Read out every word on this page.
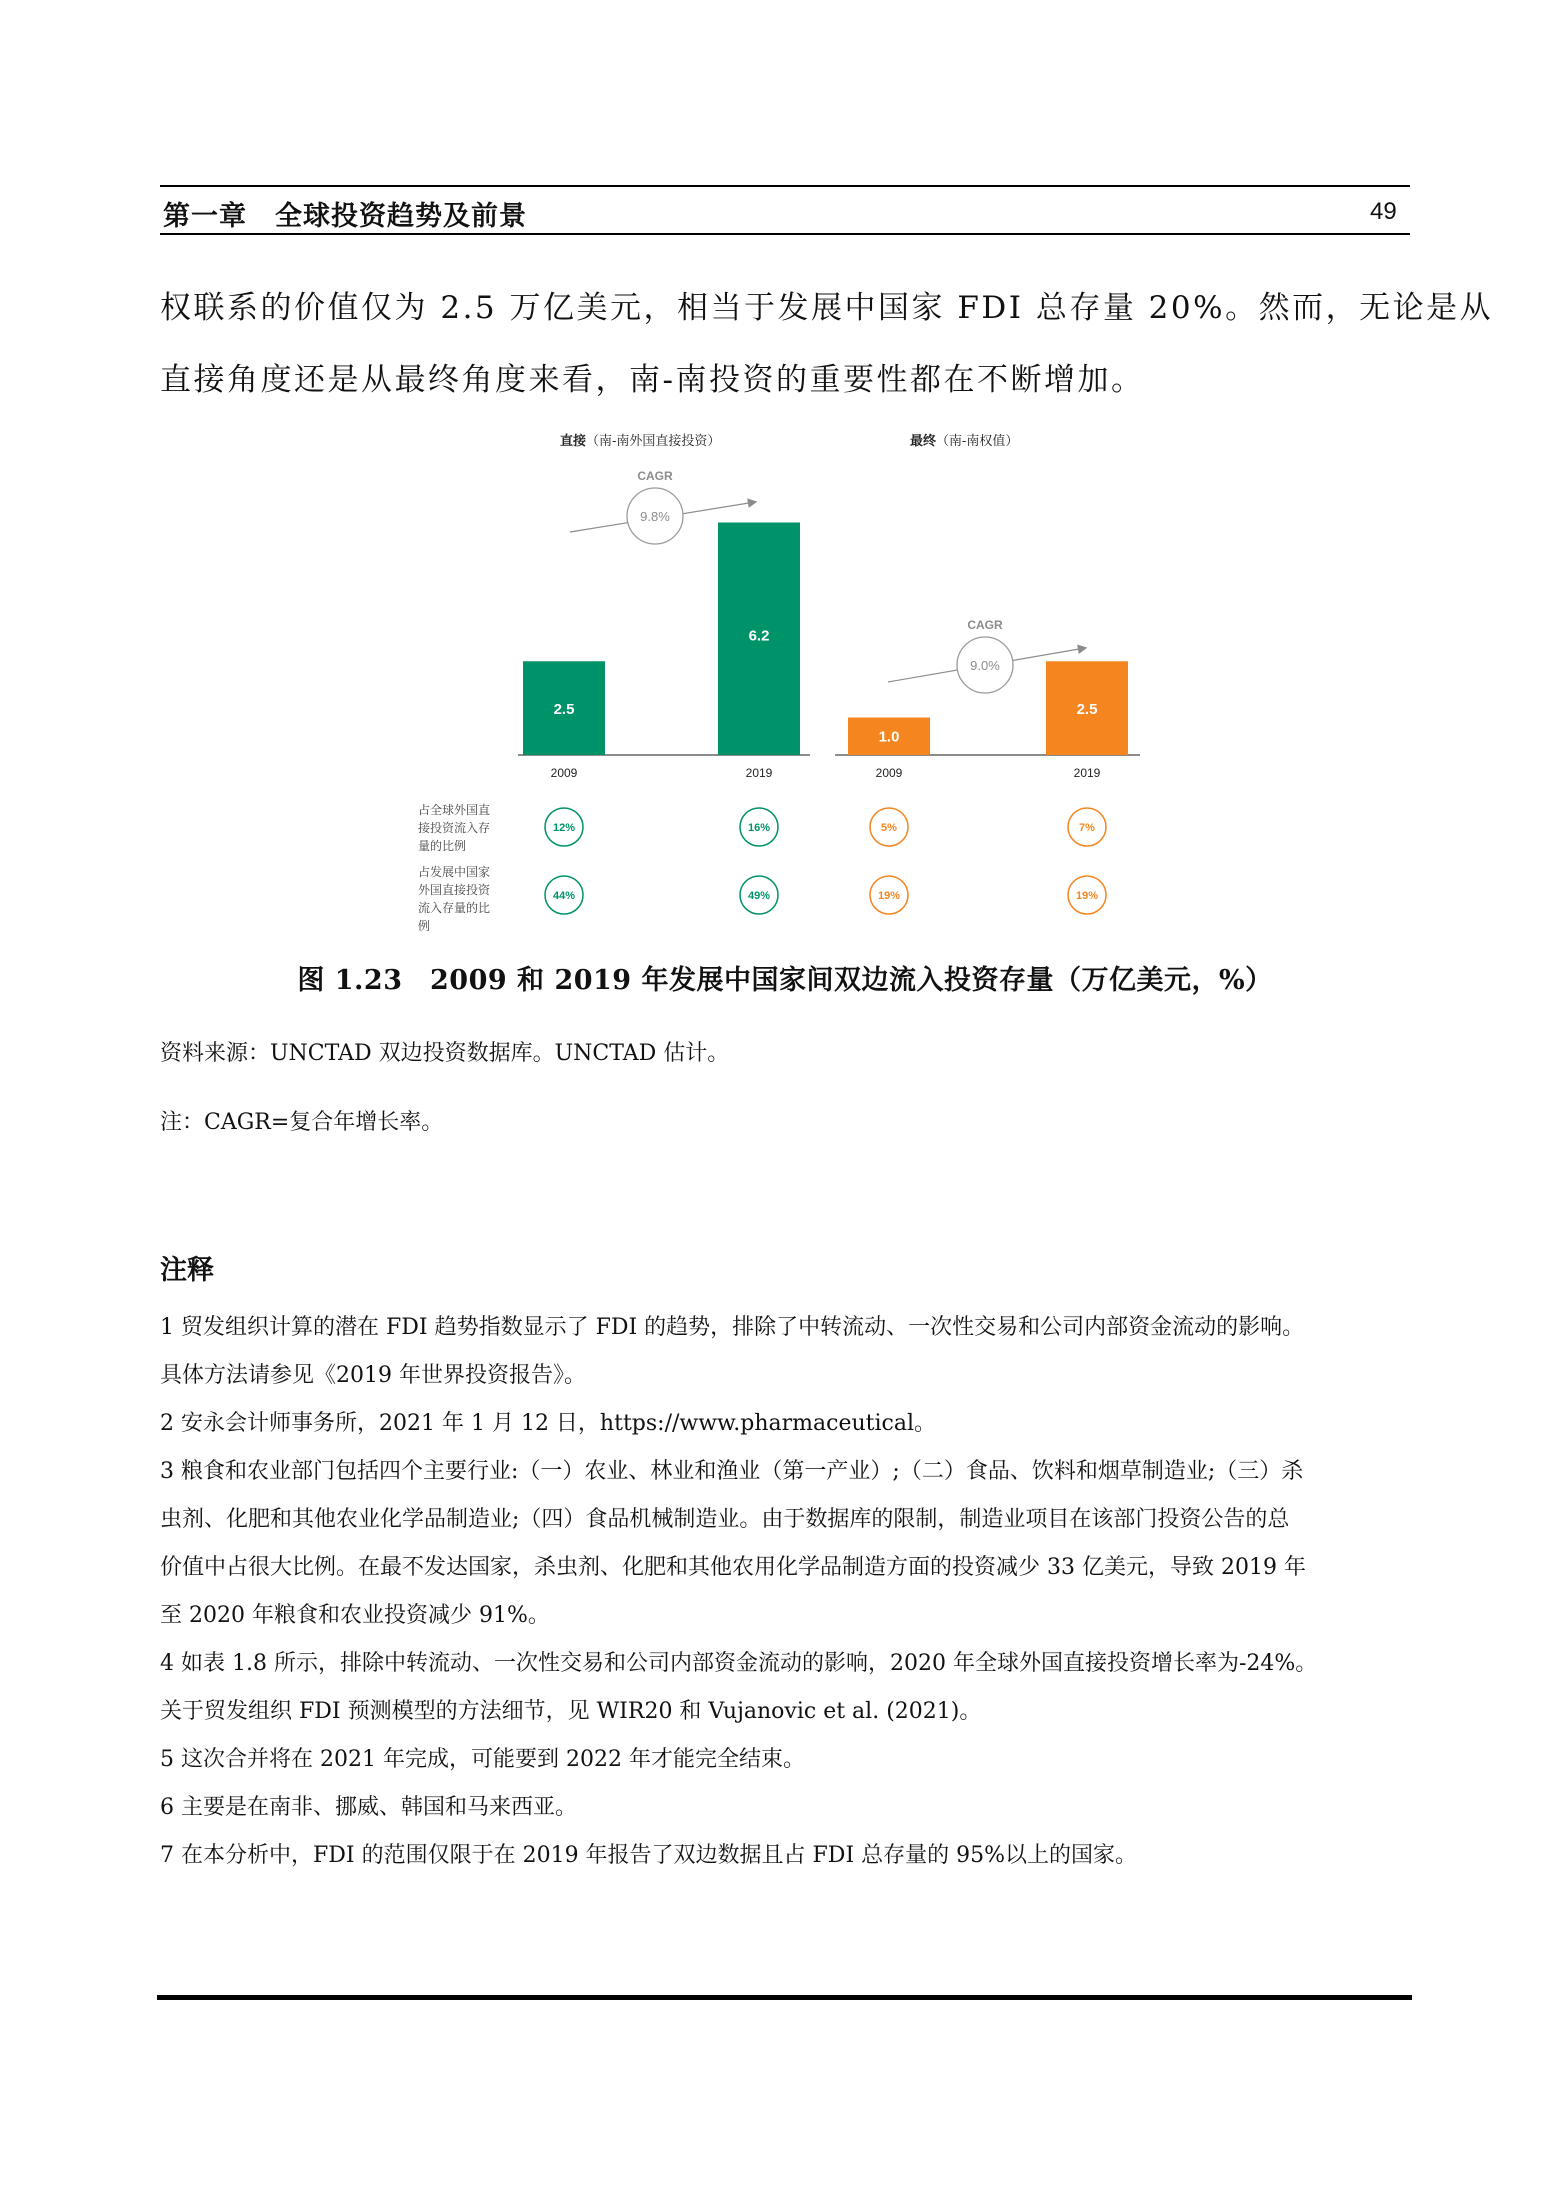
第一章　全球投资趋势及前景	49
权联系的价值仅为 2.5 万亿美元，相当于发展中国家 FDI 总存量 20%。然而，无论是从
直接角度还是从最终角度来看，南-南投资的重要性都在不断增加。
直接（南-南外国直接投资）
2.5
2009
12%
44%
6.2
2019
16%
49%
9.8%
CAGR
最终（南-南权值）
1.0
2009
5%
19%
2.5
2019
7%
19%
9.0%
CAGR
占全球外国直
接投资流入存
量的比例
占发展中国家
外国直接投资
流入存量的比
例
图 1.23　2009 和 2019 年发展中国家间双边流入投资存量（万亿美元，%）
资料来源：UNCTAD 双边投资数据库。UNCTAD 估计。
注：CAGR=复合年增长率。
注释
1 贸发组织计算的潜在 FDI 趋势指数显示了 FDI 的趋势，排除了中转流动、一次性交易和公司内部资金流动的影响。
具体方法请参见《2019 年世界投资报告》。
2 安永会计师事务所，2021 年 1 月 12 日，https://www.pharmaceutical。
3 粮食和农业部门包括四个主要行业:（一）农业、林业和渔业（第一产业）;（二）食品、饮料和烟草制造业;（三）杀
虫剂、化肥和其他农业化学品制造业;（四）食品机械制造业。由于数据库的限制，制造业项目在该部门投资公告的总
价值中占很大比例。在最不发达国家，杀虫剂、化肥和其他农用化学品制造方面的投资减少 33 亿美元，导致 2019 年
至 2020 年粮食和农业投资减少 91%。
4 如表 1.8 所示，排除中转流动、一次性交易和公司内部资金流动的影响，2020 年全球外国直接投资增长率为-24%。
关于贸发组织 FDI 预测模型的方法细节，见 WIR20 和 Vujanovic et al. (2021)。
5 这次合并将在 2021 年完成，可能要到 2022 年才能完全结束。
6 主要是在南非、挪威、韩国和马来西亚。
7 在本分析中，FDI 的范围仅限于在 2019 年报告了双边数据且占 FDI 总存量的 95%以上的国家。
